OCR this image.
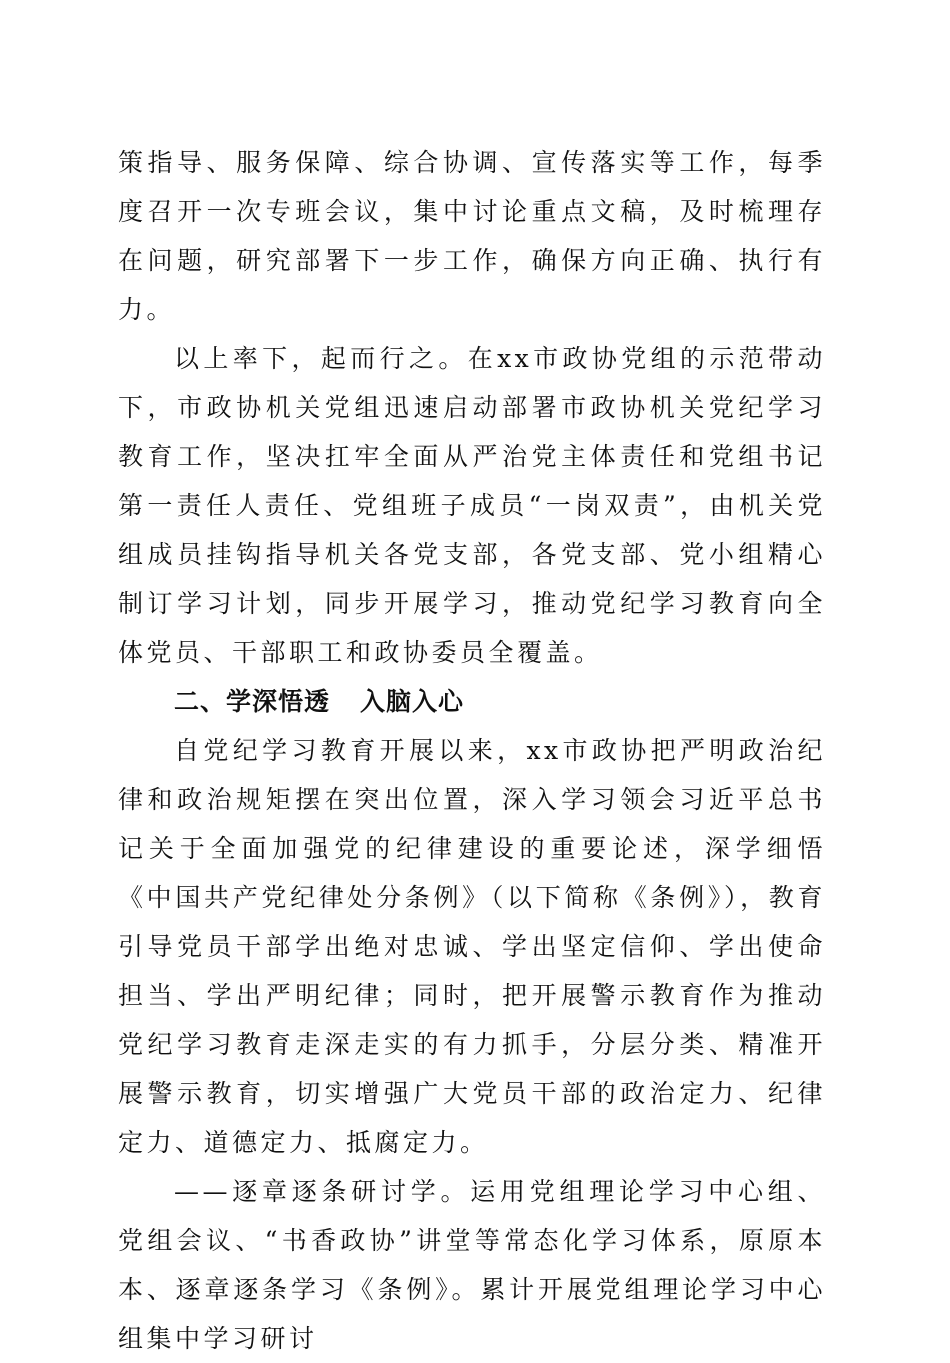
策指导、服务保障、综合协调、宣传落实等工作，每季度召开一次专班会议，集中讨论重点文稿，及时梳理存在问题，研究部署下一步工作，确保方向正确、执行有力。

以上率下，起而行之。在xx市政协党组的示范带动下，市政协机关党组迅速启动部署市政协机关党纪学习教育工作，坚决扛牢全面从严治党主体责任和党组书记第一责任人责任、党组班子成员“一岗双责”，由机关党组成员挂钩指导机关各党支部，各党支部、党小组精心制订学习计划，同步开展学习，推动党纪学习教育向全体党员、干部职工和政协委员全覆盖。

二、学深悟透 入脑入心

自党纪学习教育开展以来，xx市政协把严明政治纪律和政治规矩摆在突出位置，深入学习领会习近平总书记关于全面加强党的纪律建设的重要论述，深学细悟《中国共产党纪律处分条例》（以下简称《条例》），教育引导党员干部学出绝对忠诚、学出坚定信仰、学出使命担当、学出严明纪律；同时，把开展警示教育作为推动党纪学习教育走深走实的有力抓手，分层分类、精准开展警示教育，切实增强广大党员干部的政治定力、纪律定力、道德定力、抵腐定力。

——逐章逐条研讨学。运用党组理论学习中心组、党组会议、“书香政协”讲堂等常态化学习体系，原原本本、逐章逐条学习《条例》。累计开展党组理论学习中心组集中学习研讨
